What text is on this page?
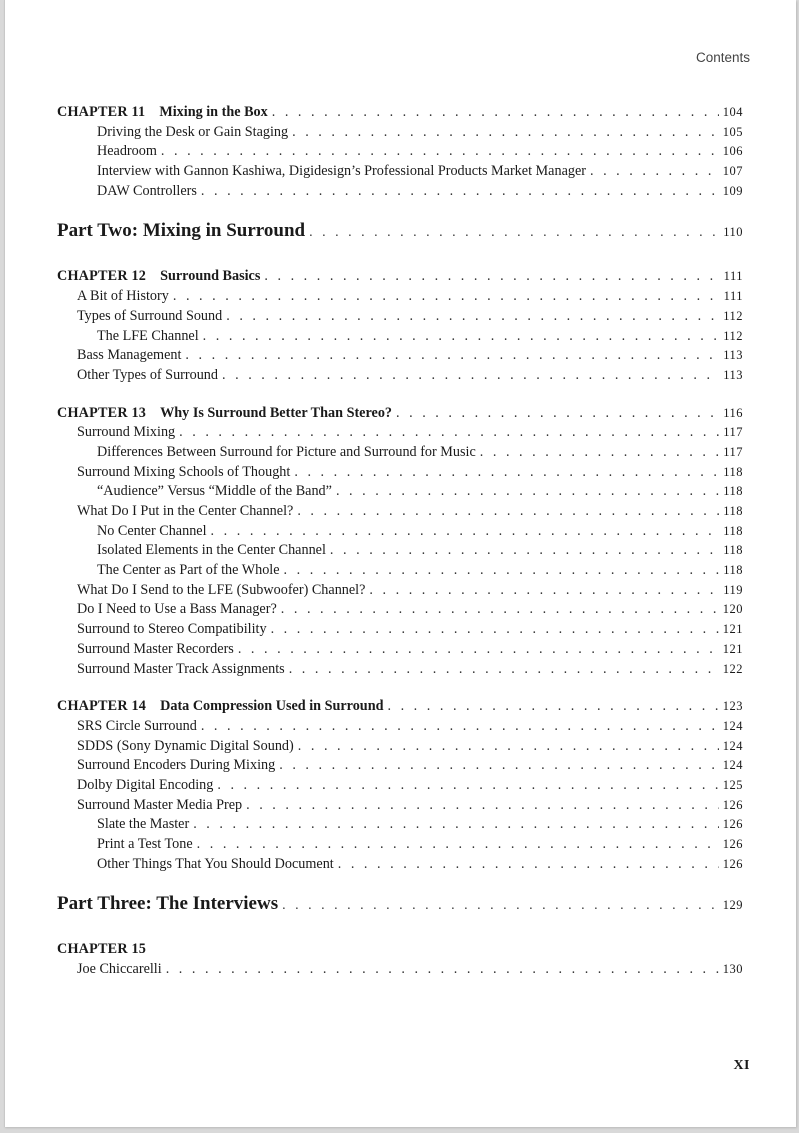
Contents
CHAPTER 11 Mixing in the Box . . .	104
Driving the Desk or Gain Staging . . .	105
Headroom . . .	106
Interview with Gannon Kashiwa, Digidesign’s Professional Products Market Manager . . .	107
DAW Controllers . . .	109
Part Two: Mixing in Surround . . .	110
CHAPTER 12 Surround Basics . . .	111
A Bit of History . . .	111
Types of Surround Sound . . .	112
The LFE Channel . . .	112
Bass Management . . .	113
Other Types of Surround . . .	113
CHAPTER 13 Why Is Surround Better Than Stereo? . . .	116
Surround Mixing . . .	117
Differences Between Surround for Picture and Surround for Music . . .	117
Surround Mixing Schools of Thought . . .	118
“Audience” Versus “Middle of the Band” . . .	118
What Do I Put in the Center Channel? . . .	118
No Center Channel . . .	118
Isolated Elements in the Center Channel . . .	118
The Center as Part of the Whole . . .	118
What Do I Send to the LFE (Subwoofer) Channel? . . .	119
Do I Need to Use a Bass Manager? . . .	120
Surround to Stereo Compatibility . . .	121
Surround Master Recorders . . .	121
Surround Master Track Assignments . . .	122
CHAPTER 14 Data Compression Used in Surround . . .	123
SRS Circle Surround . . .	124
SDDS (Sony Dynamic Digital Sound) . . .	124
Surround Encoders During Mixing . . .	124
Dolby Digital Encoding . . .	125
Surround Master Media Prep . . .	126
Slate the Master . . .	126
Print a Test Tone . . .	126
Other Things That You Should Document . . .	126
Part Three: The Interviews . . .	129
CHAPTER 15
Joe Chiccarelli . . .	130
XI
